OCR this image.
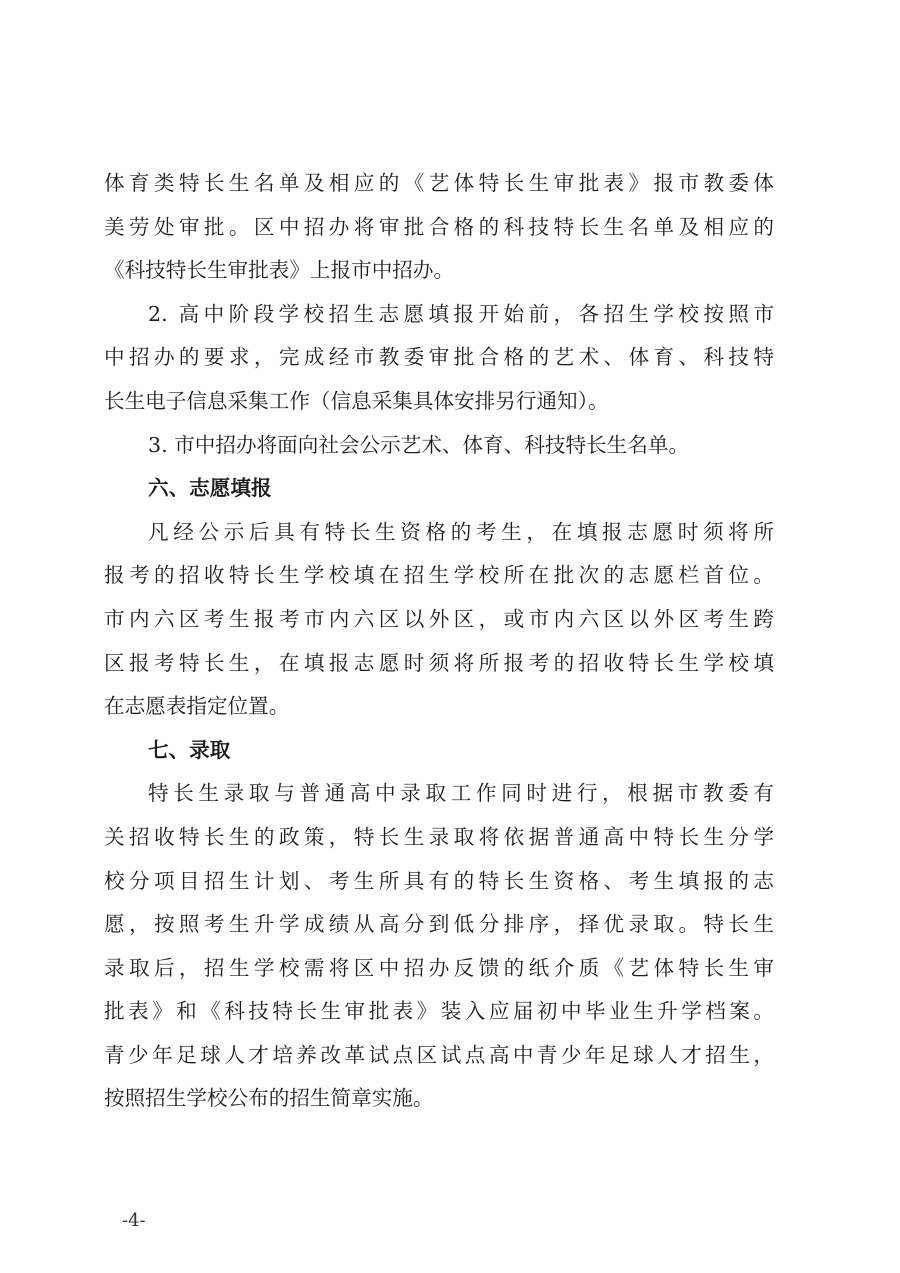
体育类特长生名单及相应的《艺体特长生审批表》报市教委体
美劳处审批。区中招办将审批合格的科技特长生名单及相应的
《科技特长生审批表》上报市中招办。
2. 高中阶段学校招生志愿填报开始前，各招生学校按照市
中招办的要求，完成经市教委审批合格的艺术、体育、科技特
长生电子信息采集工作（信息采集具体安排另行通知）。
3. 市中招办将面向社会公示艺术、体育、科技特长生名单。
六、志愿填报
凡经公示后具有特长生资格的考生，在填报志愿时须将所
报考的招收特长生学校填在招生学校所在批次的志愿栏首位。
市内六区考生报考市内六区以外区，或市内六区以外区考生跨
区报考特长生，在填报志愿时须将所报考的招收特长生学校填
在志愿表指定位置。
七、录取
特长生录取与普通高中录取工作同时进行，根据市教委有
关招收特长生的政策，特长生录取将依据普通高中特长生分学
校分项目招生计划、考生所具有的特长生资格、考生填报的志
愿，按照考生升学成绩从高分到低分排序，择优录取。特长生
录取后，招生学校需将区中招办反馈的纸介质《艺体特长生审
批表》和《科技特长生审批表》装入应届初中毕业生升学档案。
青少年足球人才培养改革试点区试点高中青少年足球人才招生，
按照招生学校公布的招生简章实施。
-4-
